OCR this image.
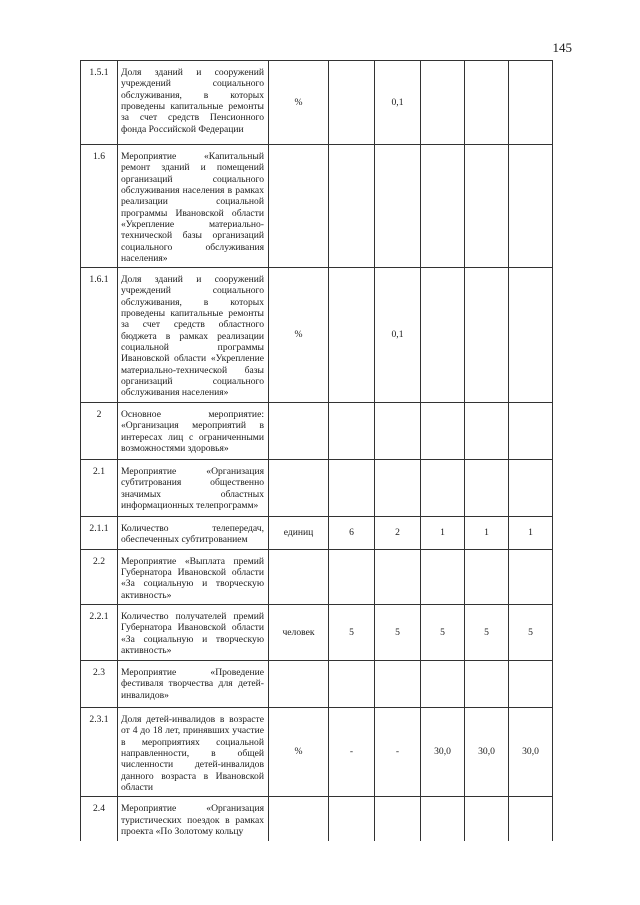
145
1.5.1	Доля зданий и сооружений учреждений социального обслуживания, в которых проведены капитальные ремонты за счет средств Пенсионного фонда Российской Федерации	%		0,1			
1.6	Мероприятие «Капитальный ремонт зданий и помещений организаций социального обслуживания населения в рамках реализации социальной программы Ивановской области «Укрепление материально-технической базы организаций социального обслуживания населения»						
1.6.1	Доля зданий и сооружений учреждений социального обслуживания, в которых проведены капитальные ремонты за счет средств областного бюджета в рамках реализации социальной программы Ивановской области «Укрепление материально-технической базы организаций социального обслуживания населения»	%		0,1			
2	Основное мероприятие: «Организация мероприятий в интересах лиц с ограниченными возможностями здоровья»						
2.1	Мероприятие «Организация субтитрования общественно значимых областных информационных телепрограмм»						
2.1.1	Количество телепередач, обеспеченных субтитрованием	единиц	6	2	1	1	1
2.2	Мероприятие «Выплата премий Губернатора Ивановской области «За социальную и творческую активность»						
2.2.1	Количество получателей премий Губернатора Ивановской области «За социальную и творческую активность»	человек	5	5	5	5	5
2.3	Мероприятие «Проведение фестиваля творчества для детей-инвалидов»						
2.3.1	Доля детей-инвалидов в возрасте от 4 до 18 лет, принявших участие в мероприятиях социальной направленности, в общей численности детей-инвалидов данного возраста в Ивановской области	%	-	-	30,0	30,0	30,0
2.4	Мероприятие «Организация туристических поездок в рамках проекта «По Золотому кольцу						
